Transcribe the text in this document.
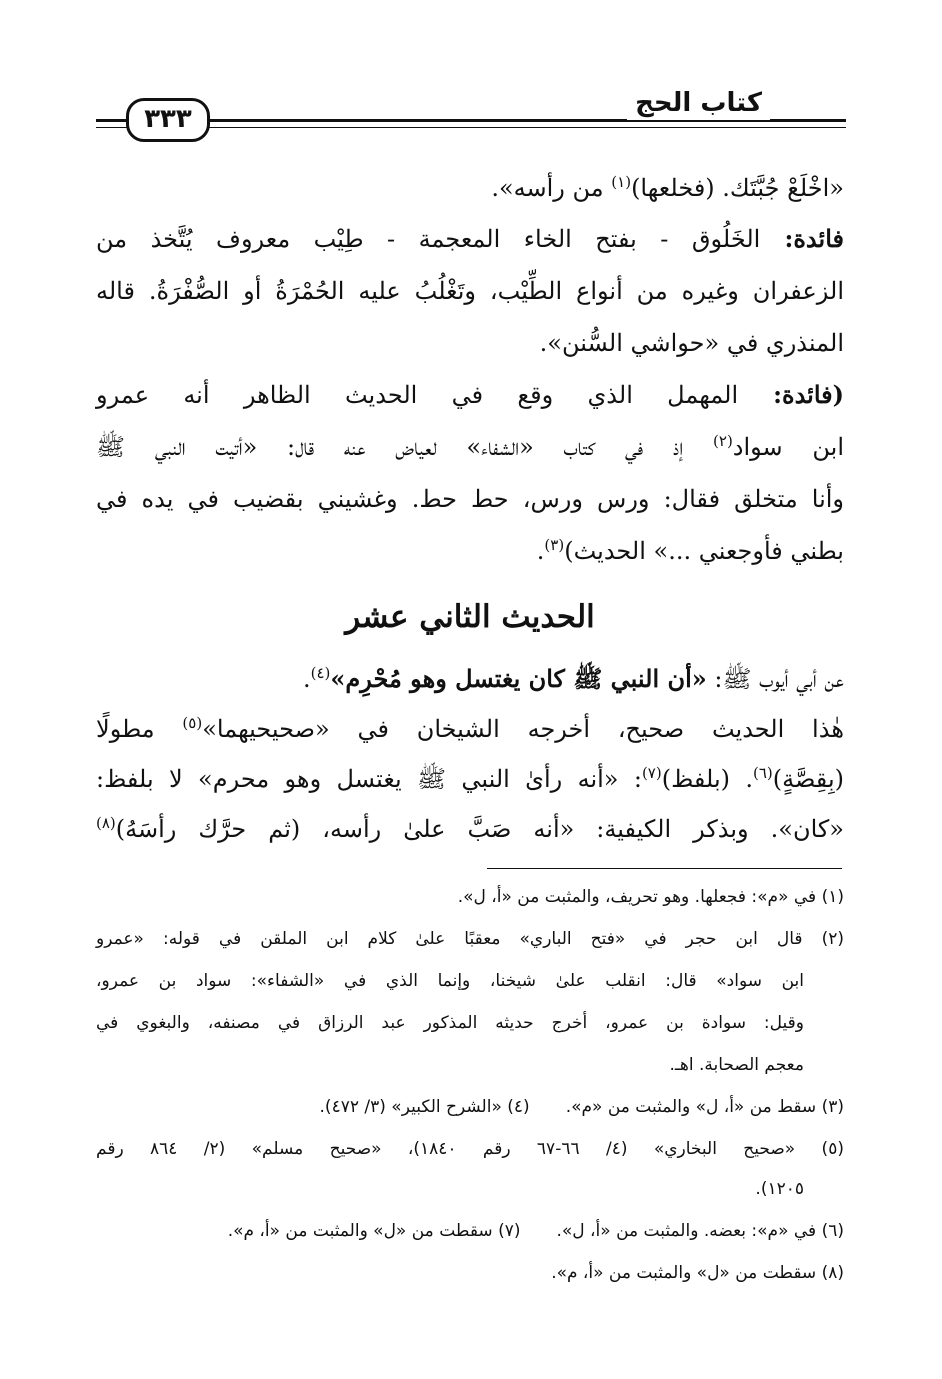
كتاب الحج
٣٣٣
«اخْلَعْ جُبَّتَك. (فخلعها)$^{(١)}$ من رأسه».
فائدة: الخَلُوق - بفتح الخاء المعجمة - طِيْب معروف يُتَّخذ من
الزعفران وغيره من أنواع الطِّيْب، وتَغْلُبُ عليه الحُمْرَةُ أو الصُّفْرَةُ. قاله
المنذري في «حواشي السُّنن».
(فائدة: المهمل الذي وقع في الحديث الظاهر أنه عمرو
ابن سواد$^{(٢)}$ إذ في كتاب «الشفاء» لعياض عنه قال: «أتيت النبي ﷺ
وأنا متخلق فقال: ورس ورس، حط حط. وغشيني بقضيب في يده في
بطني فأوجعني ...» الحديث)$^{(٣)}$.
الحديث الثاني عشر
عن أبي أيوب ﷺ: «أن النبي ﷺ كان يغتسل وهو مُحْرِم»$^{(٤)}$.
هٰذا الحديث صحيح، أخرجه الشيخان في «صحيحيهما»$^{(٥)}$ مطولًا
(بِقِصَّةٍ)$^{(٦)}$. (بلفظ)$^{(٧)}$: «أنه رأىٰ النبي ﷺ يغتسل وهو محرم» لا بلفظ:
«كان». وبذكر الكيفية: «أنه صَبَّ علىٰ رأسه، (ثم حرَّك رأسَهُ)$^{(٨)}$
(١) في «م»: فجعلها. وهو تحريف، والمثبت من «أ، ل».
(٢) قال ابن حجر في «فتح الباري» معقبًا علىٰ كلام ابن الملقن في قوله: «عمرو
ابن سواد» قال: انقلب علىٰ شيخنا، وإنما الذي في «الشفاء»: سواد بن عمرو،
وقيل: سوادة بن عمرو، أخرج حديثه المذكور عبد الرزاق في مصنفه، والبغوي في
معجم الصحابة. اهـ.
(٣) سقط من «أ، ل» والمثبت من «م».(٤) «الشرح الكبير» (٣/ ٤٧٢).
(٥) «صحيح البخاري» (٤/ ٦٦-٦٧ رقم ١٨٤٠)، «صحيح مسلم» (٢/ ٨٦٤ رقم
١٢٠٥).
(٦) في «م»: بعضه. والمثبت من «أ، ل».(٧) سقطت من «ل» والمثبت من «أ، م».
(٨) سقطت من «ل» والمثبت من «أ، م».
